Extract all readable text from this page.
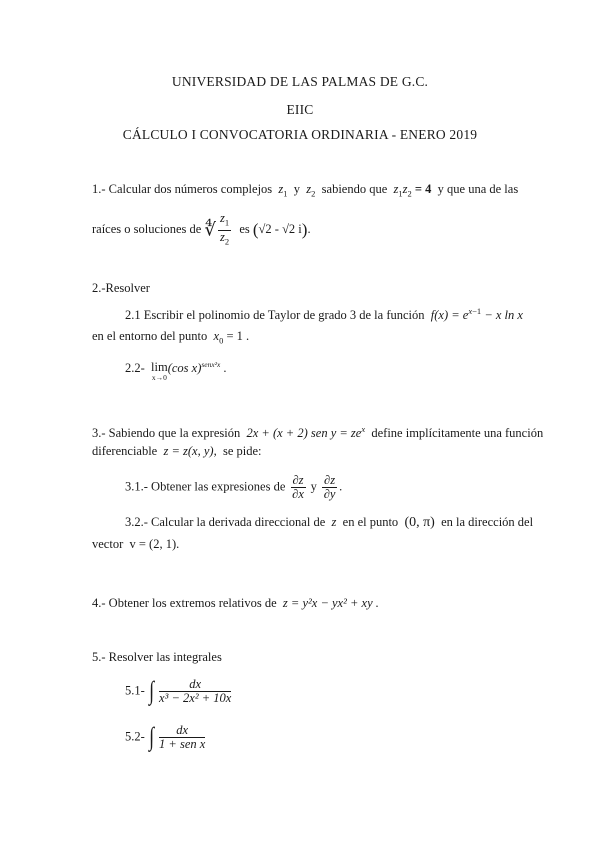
UNIVERSIDAD DE LAS PALMAS DE G.C.
EIIC
CÁLCULO I CONVOCATORIA ORDINARIA - ENERO 2019
1.- Calcular dos números complejos $z_1$ y $z_2$ sabiendo que $z_1z_2 = 4$ y que una de las
raíces o soluciones de ∜ $\frac{z_1}{z_2}$ es (√2 - √2 i).
2.-Resolver
2.1 Escribir el polinomio de Taylor de grado 3 de la función $f(x) = e^{x-1} - x$ ln x
en el entorno del punto $x_0 = 1$ .
2.2- lim
x→0
(cos x)$^{senx^2x}$ .
3.- Sabiendo que la expresión 2x + (x + 2) sen $y = ze^x$ define implícitamente una función
diferenciable z = z(x, y), se pide:
3.1.- Obtener las expresiones de $\frac{\partial z}{\partial x}$ y $\frac{\partial z}{\partial y}$ .
3.2.- Calcular la derivada direccional de z en el punto (0, π) en la dirección del
vector v = (2, 1).
4.- Obtener los extremos relativos de z = y²x − yx² + xy .
5.- Resolver las integrales
5.1- ∫ $\frac{dx}{\text{x³ − 2x² + 10x}}$
5.2- ∫ $\frac{dx}{\text{1 + sen x}}$
